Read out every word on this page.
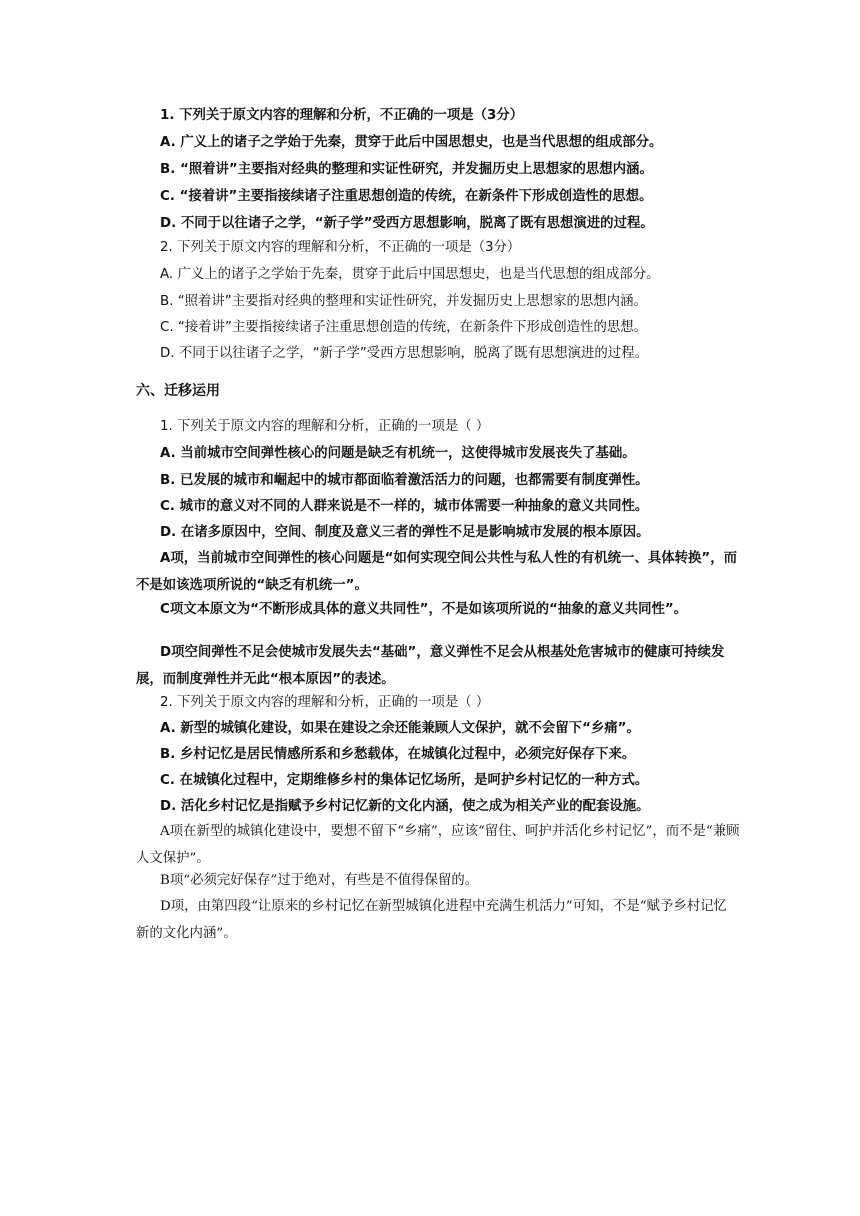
1. 下列关于原文内容的理解和分析，不正确的一项是（3分）
A. 广义上的诸子之学始于先秦，贯穿于此后中国思想史，也是当代思想的组成部分。
B. “照着讲”主要指对经典的整理和实证性研究，并发掘历史上思想家的思想内涵。
C. “接着讲”主要指接续诸子注重思想创造的传统，在新条件下形成创造性的思想。
D. 不同于以往诸子之学，“新子学”受西方思想影响，脱离了既有思想演进的过程。
2. 下列关于原文内容的理解和分析，不正确的一项是（3分）
A. 广义上的诸子之学始于先秦，贯穿于此后中国思想史，也是当代思想的组成部分。
B. “照着讲”主要指对经典的整理和实证性研究，并发掘历史上思想家的思想内涵。
C. “接着讲”主要指接续诸子注重思想创造的传统，在新条件下形成创造性的思想。
D. 不同于以往诸子之学，“新子学”受西方思想影响，脱离了既有思想演进的过程。
六、迁移运用
1. 下列关于原文内容的理解和分析，正确的一项是（ ）
A. 当前城市空间弹性核心的问题是缺乏有机统一，这使得城市发展丧失了基础。
B. 已发展的城市和崛起中的城市都面临着激活活力的问题，也都需要有制度弹性。
C. 城市的意义对不同的人群来说是不一样的，城市体需要一种抽象的意义共同性。
D. 在诸多原因中，空间、制度及意义三者的弹性不足是影响城市发展的根本原因。
A项，当前城市空间弹性的核心问题是“如何实现空间公共性与私人性的有机统一、具体转换”，而不是如该选项所说的“缺乏有机统一”。
C项文本原文为“不断形成具体的意义共同性”，不是如该项所说的“抽象的意义共同性”。
D项空间弹性不足会使城市发展失去“基础”，意义弹性不足会从根基处危害城市的健康可持续发展，而制度弹性并无此“根本原因”的表述。
2. 下列关于原文内容的理解和分析，正确的一项是（ ）
A. 新型的城镇化建设，如果在建设之余还能兼顾人文保护，就不会留下“乡痛”。
B. 乡村记忆是居民情感所系和乡愁载体，在城镇化过程中，必须完好保存下来。
C. 在城镇化过程中，定期维修乡村的集体记忆场所，是呵护乡村记忆的一种方式。
D. 活化乡村记忆是指赋予乡村记忆新的文化内涵，使之成为相关产业的配套设施。
A项在新型的城镇化建设中，要想不留下“乡痛”，应该“留住、呵护并活化乡村记忆”，而不是“兼顾人文保护”。
B项“必须完好保存”过于绝对，有些是不值得保留的。
D项，由第四段“让原来的乡村记忆在新型城镇化进程中充满生机活力”可知，不是“赋予乡村记忆新的文化内涵”。
